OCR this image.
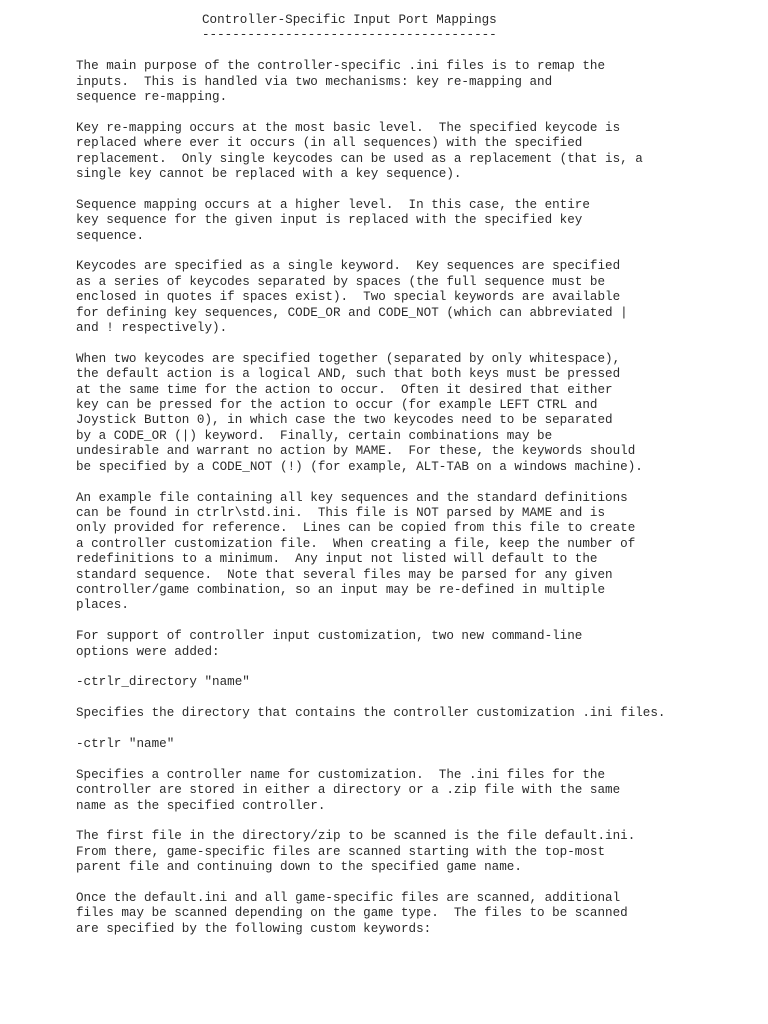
Controller-Specific Input Port Mappings
---------------------------------------

The main purpose of the controller-specific .ini files is to remap the
inputs.  This is handled via two mechanisms: key re-mapping and
sequence re-mapping.

Key re-mapping occurs at the most basic level.  The specified keycode is
replaced where ever it occurs (in all sequences) with the specified
replacement.  Only single keycodes can be used as a replacement (that is, a
single key cannot be replaced with a key sequence).

Sequence mapping occurs at a higher level.  In this case, the entire
key sequence for the given input is replaced with the specified key
sequence.

Keycodes are specified as a single keyword.  Key sequences are specified
as a series of keycodes separated by spaces (the full sequence must be
enclosed in quotes if spaces exist).  Two special keywords are available
for defining key sequences, CODE_OR and CODE_NOT (which can abbreviated |
and ! respectively).

When two keycodes are specified together (separated by only whitespace),
the default action is a logical AND, such that both keys must be pressed
at the same time for the action to occur.  Often it desired that either
key can be pressed for the action to occur (for example LEFT CTRL and
Joystick Button 0), in which case the two keycodes need to be separated
by a CODE_OR (|) keyword.  Finally, certain combinations may be
undesirable and warrant no action by MAME.  For these, the keywords should
be specified by a CODE_NOT (!) (for example, ALT-TAB on a windows machine).

An example file containing all key sequences and the standard definitions
can be found in ctrlr\std.ini.  This file is NOT parsed by MAME and is
only provided for reference.  Lines can be copied from this file to create
a controller customization file.  When creating a file, keep the number of
redefinitions to a minimum.  Any input not listed will default to the
standard sequence.  Note that several files may be parsed for any given
controller/game combination, so an input may be re-defined in multiple
places.

For support of controller input customization, two new command-line
options were added:

-ctrlr_directory "name"

Specifies the directory that contains the controller customization .ini files.

-ctrlr "name"

Specifies a controller name for customization.  The .ini files for the
controller are stored in either a directory or a .zip file with the same
name as the specified controller.

The first file in the directory/zip to be scanned is the file default.ini.
From there, game-specific files are scanned starting with the top-most
parent file and continuing down to the specified game name.

Once the default.ini and all game-specific files are scanned, additional
files may be scanned depending on the game type.  The files to be scanned
are specified by the following custom keywords:
